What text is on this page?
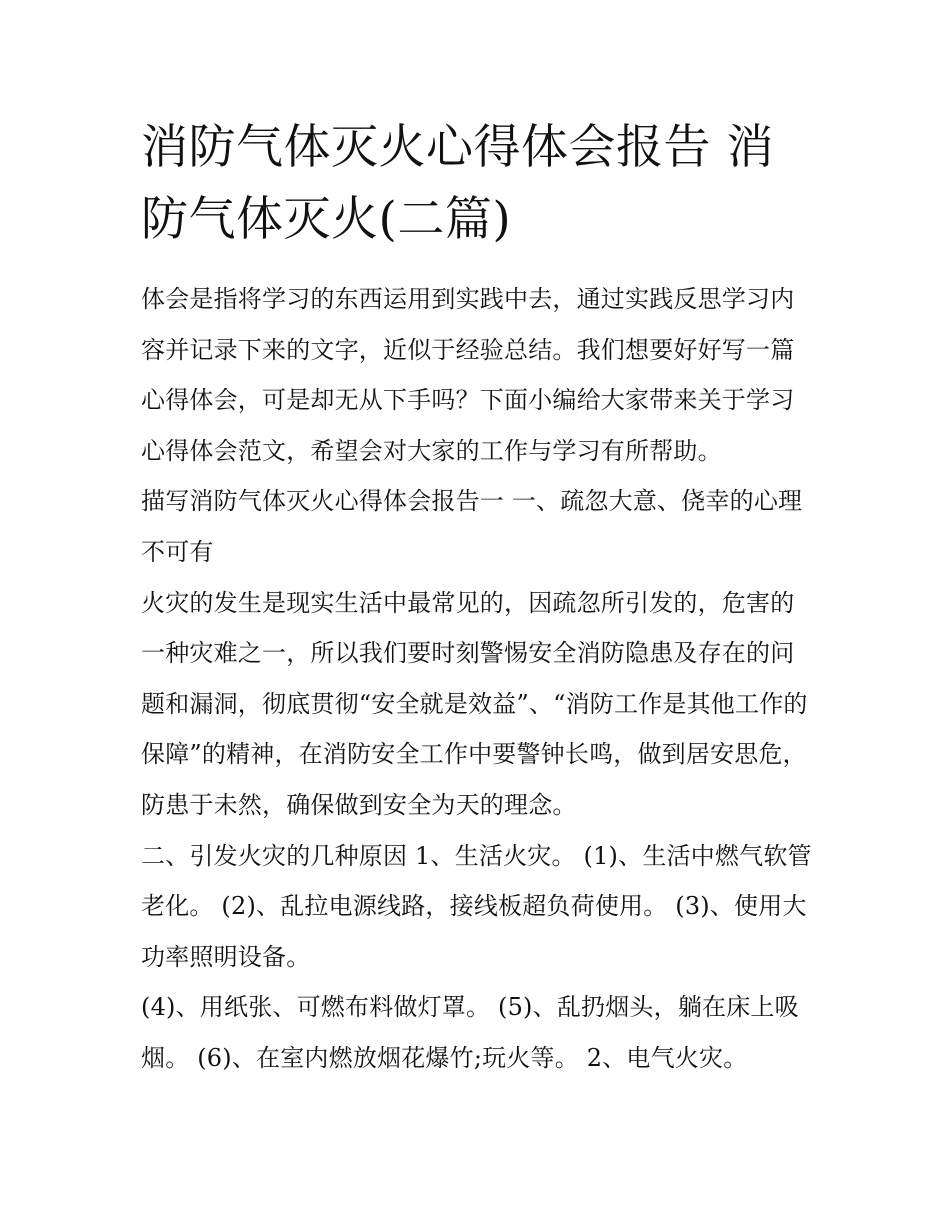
消防气体灭火心得体会报告 消防气体灭火(二篇)

体会是指将学习的东西运用到实践中去，通过实践反思学习内容并记录下来的文字，近似于经验总结。我们想要好好写一篇心得体会，可是却无从下手吗？下面小编给大家带来关于学习心得体会范文，希望会对大家的工作与学习有所帮助。

描写消防气体灭火心得体会报告一 一、疏忽大意、侥幸的心理不可有

火灾的发生是现实生活中最常见的，因疏忽所引发的，危害的一种灾难之一，所以我们要时刻警惕安全消防隐患及存在的问题和漏洞，彻底贯彻“安全就是效益”、“消防工作是其他工作的保障”的精神，在消防安全工作中要警钟长鸣，做到居安思危，防患于未然，确保做到安全为天的理念。

二、引发火灾的几种原因 1、生活火灾。 (1)、生活中燃气软管老化。 (2)、乱拉电源线路，接线板超负荷使用。 (3)、使用大功率照明设备。

(4)、用纸张、可燃布料做灯罩。 (5)、乱扔烟头，躺在床上吸烟。 (6)、在室内燃放烟花爆竹;玩火等。 2、电气火灾。
